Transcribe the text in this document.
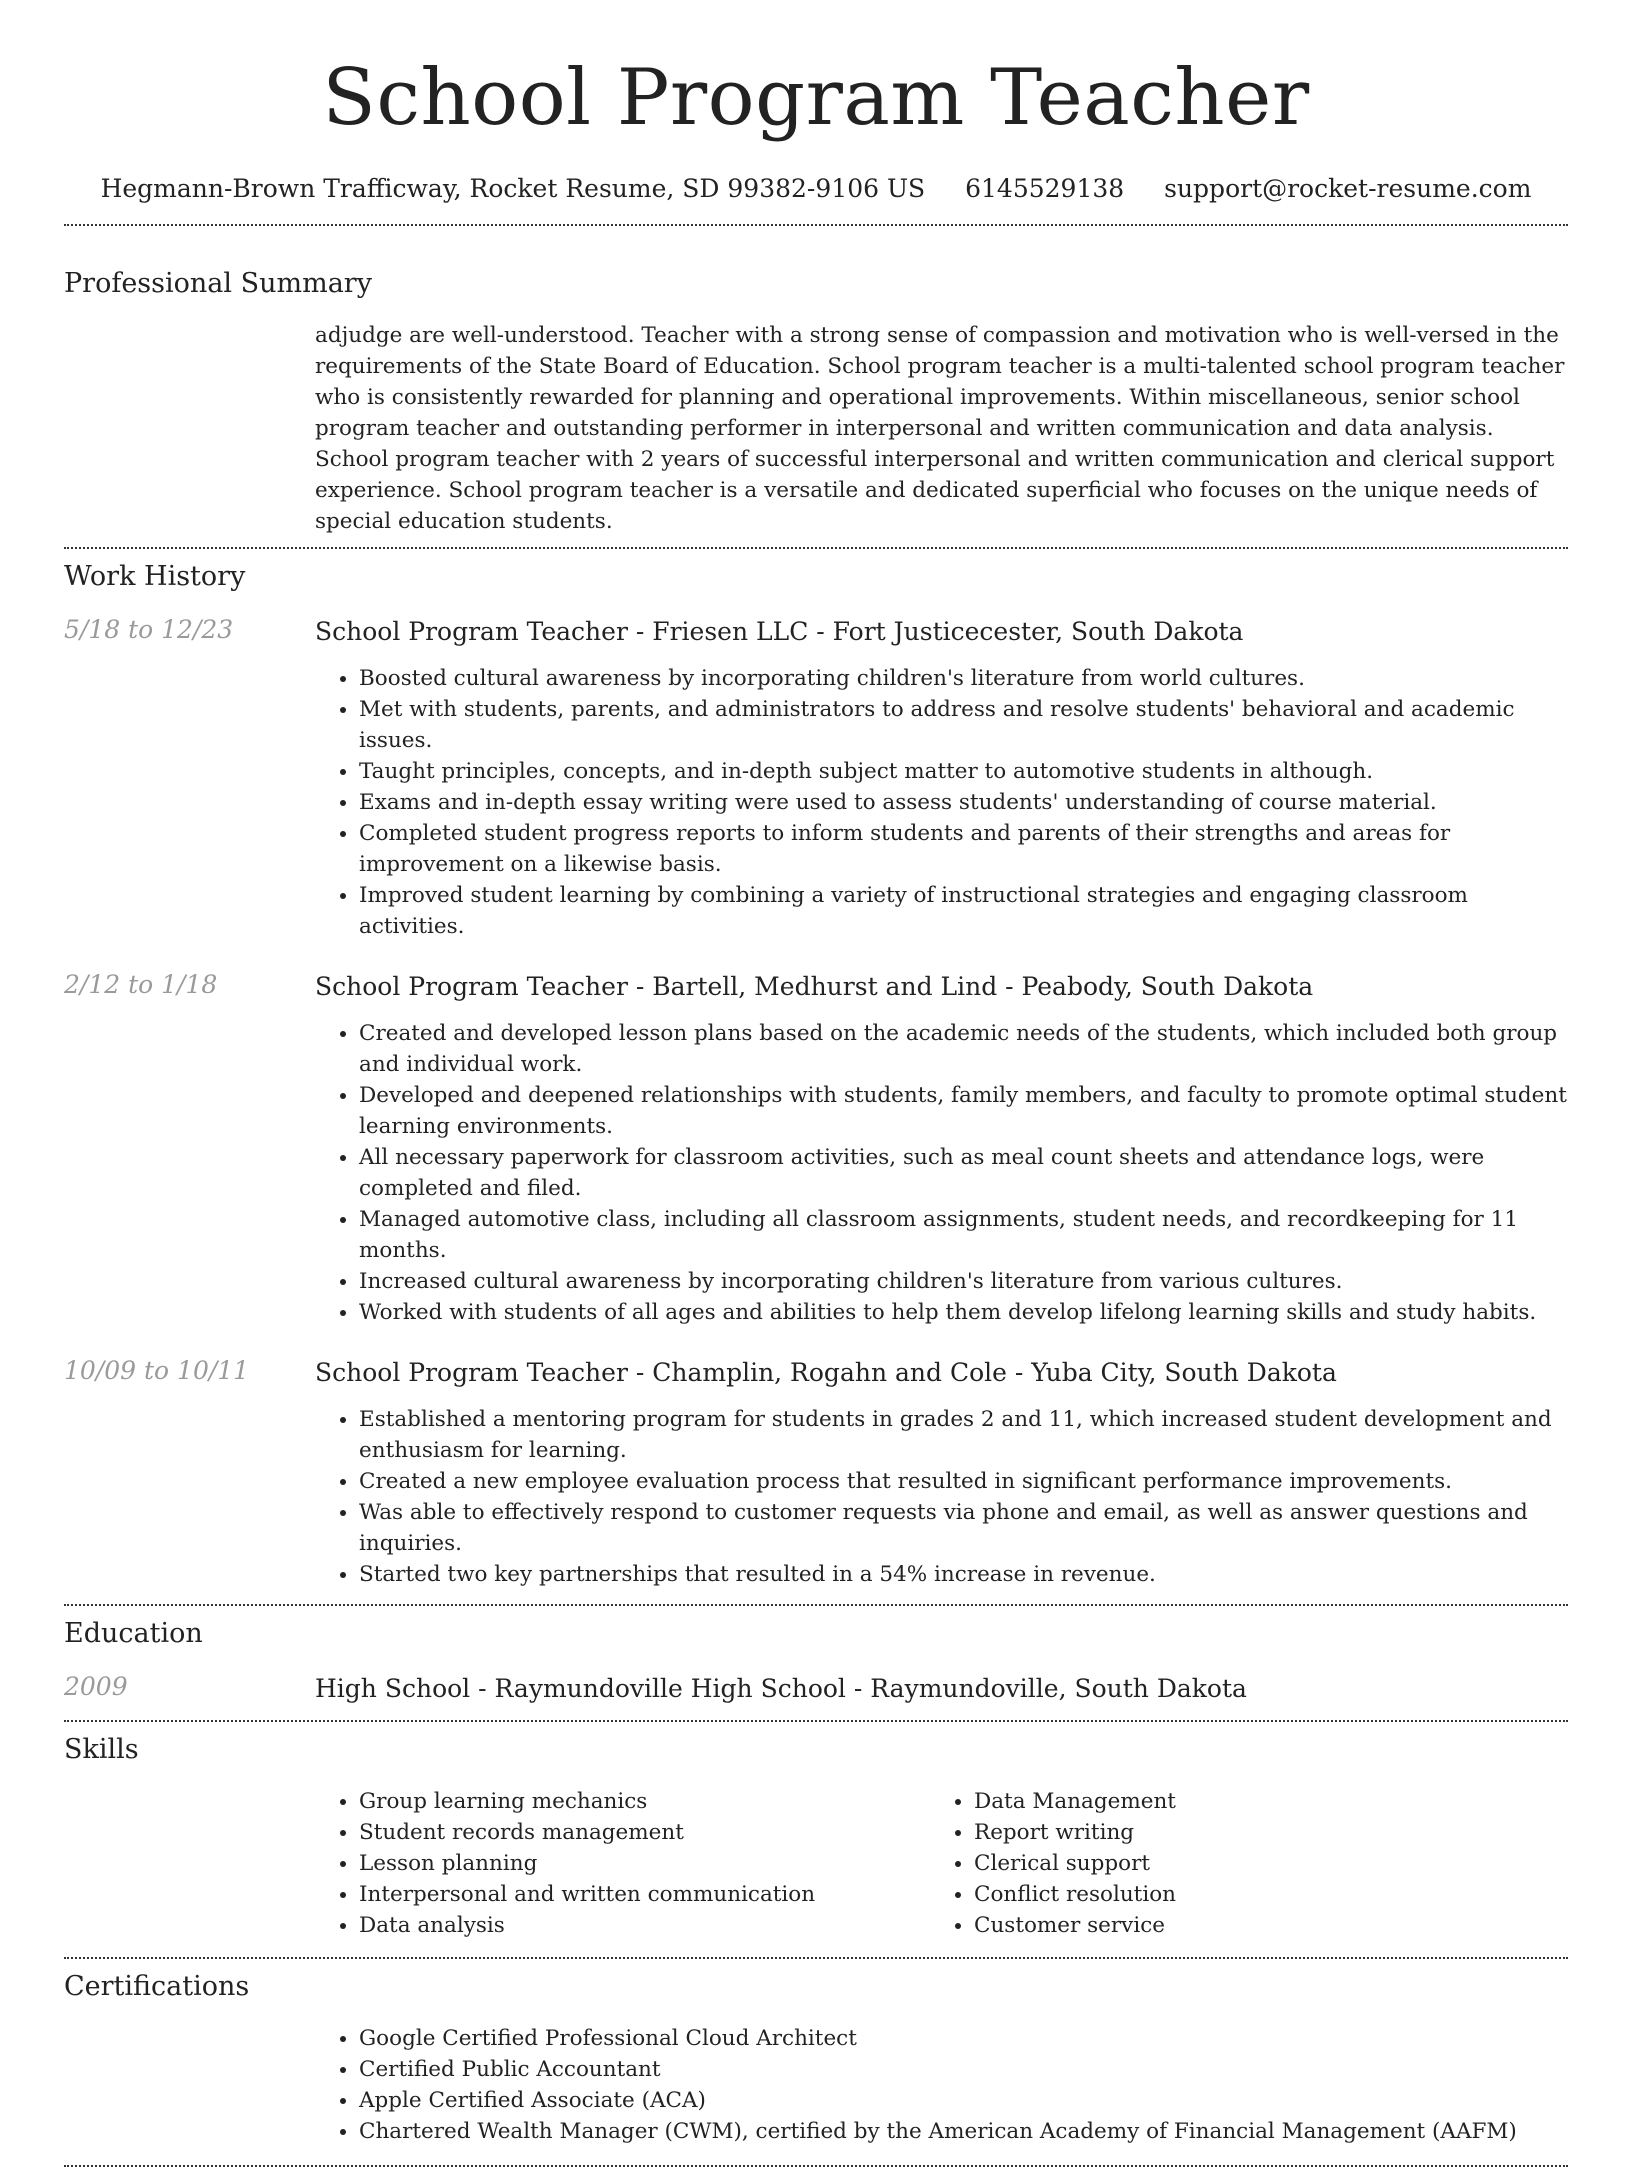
School Program Teacher
Hegmann-Brown Trafficway, Rocket Resume, SD 99382-9106 US 6145529138 support@rocket-resume.com
Professional Summary
adjudge are well-understood. Teacher with a strong sense of compassion and motivation who is well-versed in the requirements of the State Board of Education. School program teacher is a multi-talented school program teacher who is consistently rewarded for planning and operational improvements. Within miscellaneous, senior school program teacher and outstanding performer in interpersonal and written communication and data analysis. School program teacher with 2 years of successful interpersonal and written communication and clerical support experience. School program teacher is a versatile and dedicated superficial who focuses on the unique needs of special education students.
Work History
5/18 to 12/23	School Program Teacher - Friesen LLC - Fort Justicecester, South Dakota
• Boosted cultural awareness by incorporating children's literature from world cultures.
• Met with students, parents, and administrators to address and resolve students' behavioral and academic issues.
• Taught principles, concepts, and in-depth subject matter to automotive students in although.
• Exams and in-depth essay writing were used to assess students' understanding of course material.
• Completed student progress reports to inform students and parents of their strengths and areas for improvement on a likewise basis.
• Improved student learning by combining a variety of instructional strategies and engaging classroom activities.
2/12 to 1/18	School Program Teacher - Bartell, Medhurst and Lind - Peabody, South Dakota
• Created and developed lesson plans based on the academic needs of the students, which included both group and individual work.
• Developed and deepened relationships with students, family members, and faculty to promote optimal student learning environments.
• All necessary paperwork for classroom activities, such as meal count sheets and attendance logs, were completed and filed.
• Managed automotive class, including all classroom assignments, student needs, and recordkeeping for 11 months.
• Increased cultural awareness by incorporating children's literature from various cultures.
• Worked with students of all ages and abilities to help them develop lifelong learning skills and study habits.
10/09 to 10/11	School Program Teacher - Champlin, Rogahn and Cole - Yuba City, South Dakota
• Established a mentoring program for students in grades 2 and 11, which increased student development and enthusiasm for learning.
• Created a new employee evaluation process that resulted in significant performance improvements.
• Was able to effectively respond to customer requests via phone and email, as well as answer questions and inquiries.
• Started two key partnerships that resulted in a 54% increase in revenue.
Education
2009	High School - Raymundoville High School - Raymundoville, South Dakota
Skills
• Group learning mechanics
• Student records management
• Lesson planning
• Interpersonal and written communication
• Data analysis
• Data Management
• Report writing
• Clerical support
• Conflict resolution
• Customer service
Certifications
• Google Certified Professional Cloud Architect
• Certified Public Accountant
• Apple Certified Associate (ACA)
• Chartered Wealth Manager (CWM), certified by the American Academy of Financial Management (AAFM)
